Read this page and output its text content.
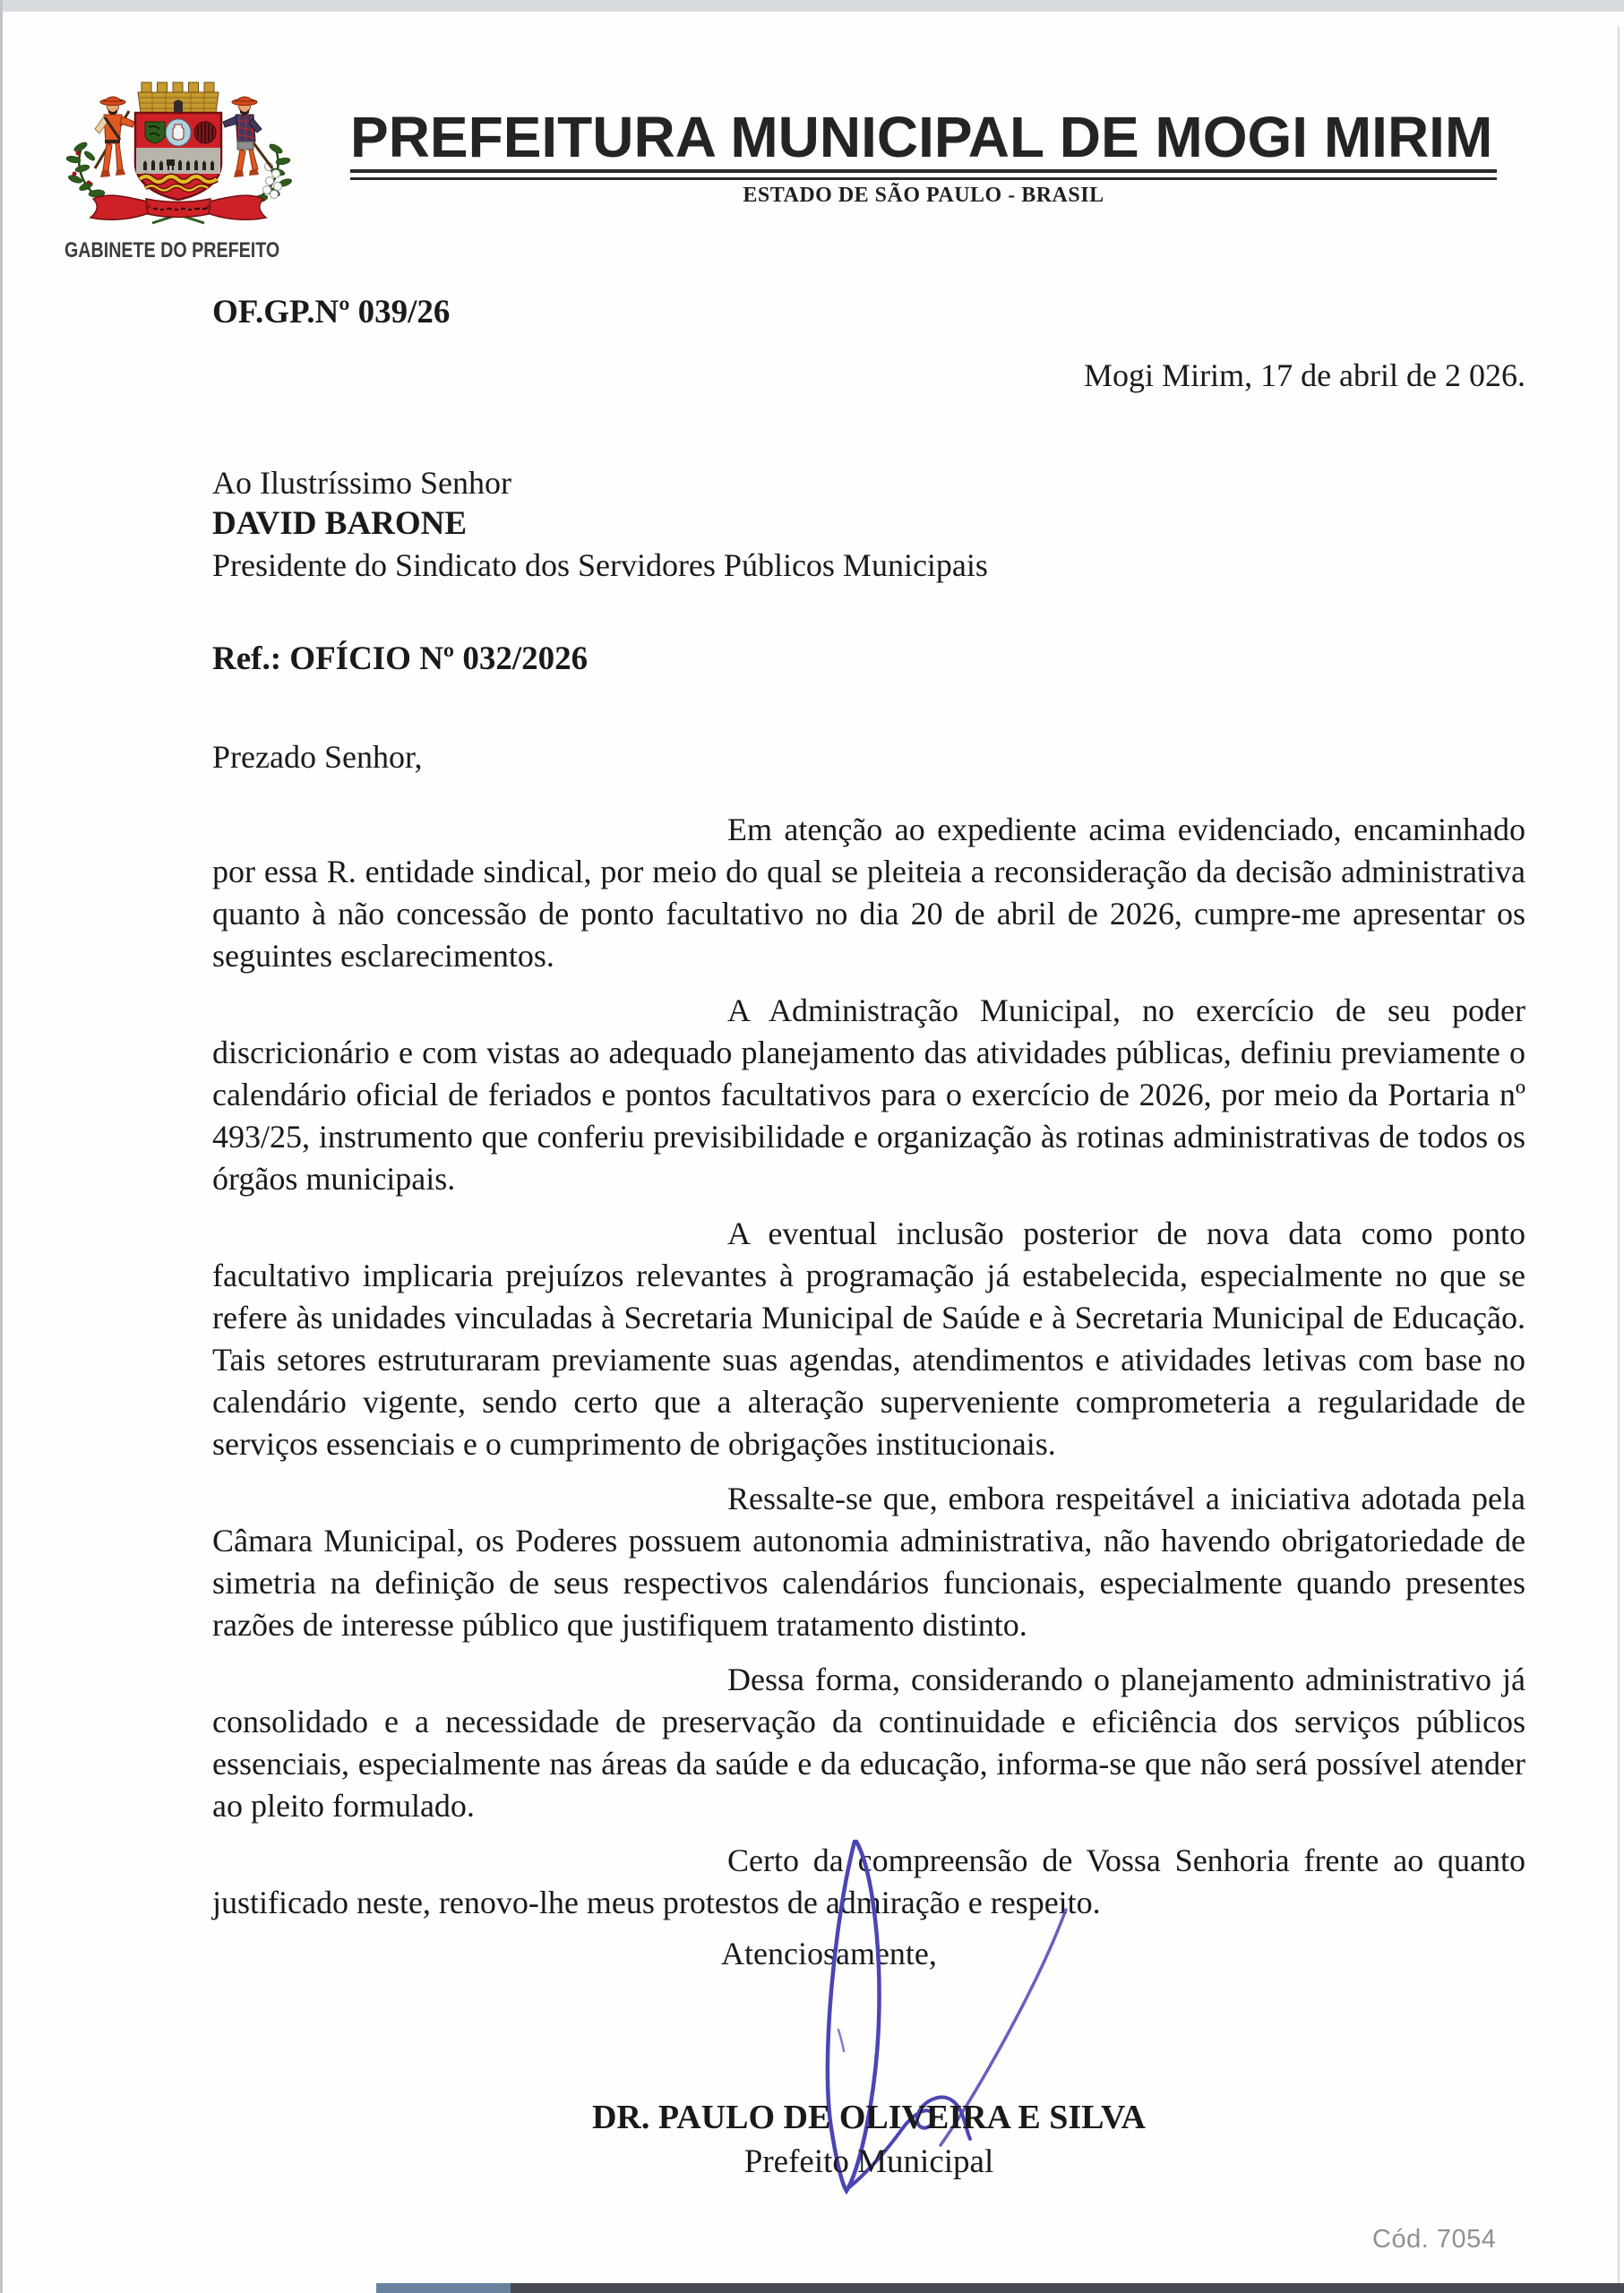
GABINETE DO PREFEITO
PREFEITURA MUNICIPAL DE MOGI MIRIM
ESTADO DE SÃO PAULO - BRASIL
OF.GP.Nº 039/26
Mogi Mirim, 17 de abril de 2 026.
Ao Ilustríssimo Senhor
DAVID BARONE
Presidente do Sindicato dos Servidores Públicos Municipais
Ref.: OFÍCIO Nº 032/2026
Prezado Senhor,

Em atenção ao expediente acima evidenciado, encaminhado por essa R. entidade sindical, por meio do qual se pleiteia a reconsideração da decisão administrativa quanto à não concessão de ponto facultativo no dia 20 de abril de 2026, cumpre-me apresentar os seguintes esclarecimentos.

A Administração Municipal, no exercício de seu poder discricionário e com vistas ao adequado planejamento das atividades públicas, definiu previamente o calendário oficial de feriados e pontos facultativos para o exercício de 2026, por meio da Portaria nº 493/25, instrumento que conferiu previsibilidade e organização às rotinas administrativas de todos os órgãos municipais.

A eventual inclusão posterior de nova data como ponto facultativo implicaria prejuízos relevantes à programação já estabelecida, especialmente no que se refere às unidades vinculadas à Secretaria Municipal de Saúde e à Secretaria Municipal de Educação. Tais setores estruturaram previamente suas agendas, atendimentos e atividades letivas com base no calendário vigente, sendo certo que a alteração superveniente comprometeria a regularidade de serviços essenciais e o cumprimento de obrigações institucionais.

Ressalte-se que, embora respeitável a iniciativa adotada pela Câmara Municipal, os Poderes possuem autonomia administrativa, não havendo obrigatoriedade de simetria na definição de seus respectivos calendários funcionais, especialmente quando presentes razões de interesse público que justifiquem tratamento distinto.

Dessa forma, considerando o planejamento administrativo já consolidado e a necessidade de preservação da continuidade e eficiência dos serviços públicos essenciais, especialmente nas áreas da saúde e da educação, informa-se que não será possível atender ao pleito formulado.

Certo da compreensão de Vossa Senhoria frente ao quanto justificado neste, renovo-lhe meus protestos de admiração e respeito.

Atenciosamente,
DR. PAULO DE OLIVEIRA E SILVA
Prefeito Municipal
Cód. 7054
